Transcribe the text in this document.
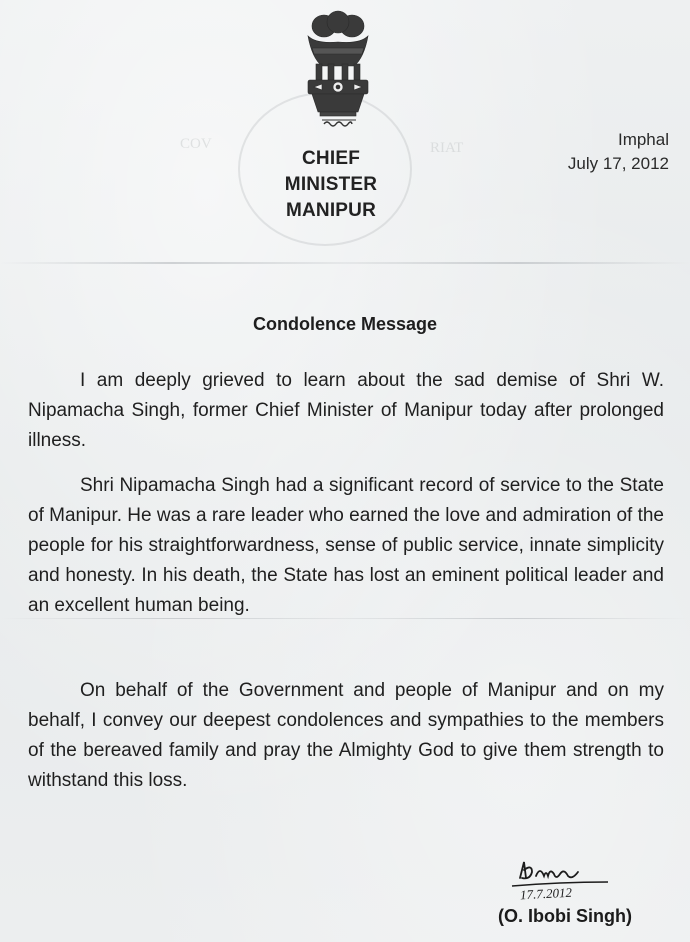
COV	RIAT
CHIEF MINISTER
MANIPUR
Imphal
July 17, 2012
Condolence Message

I am deeply grieved to learn about the sad demise of Shri W. Nipamacha Singh, former Chief Minister of Manipur today after prolonged illness.

Shri Nipamacha Singh had a significant record of service to the State of Manipur. He was a rare leader who earned the love and admiration of the people for his straightforwardness, sense of public service, innate simplicity and honesty. In his death, the State has lost an eminent political leader and an excellent human being.

On behalf of the Government and people of Manipur and on my behalf, I convey our deepest condolences and sympathies to the members of the bereaved family and pray the Almighty God to give them strength to withstand this loss.

17.7.2012
(O. Ibobi Singh)
